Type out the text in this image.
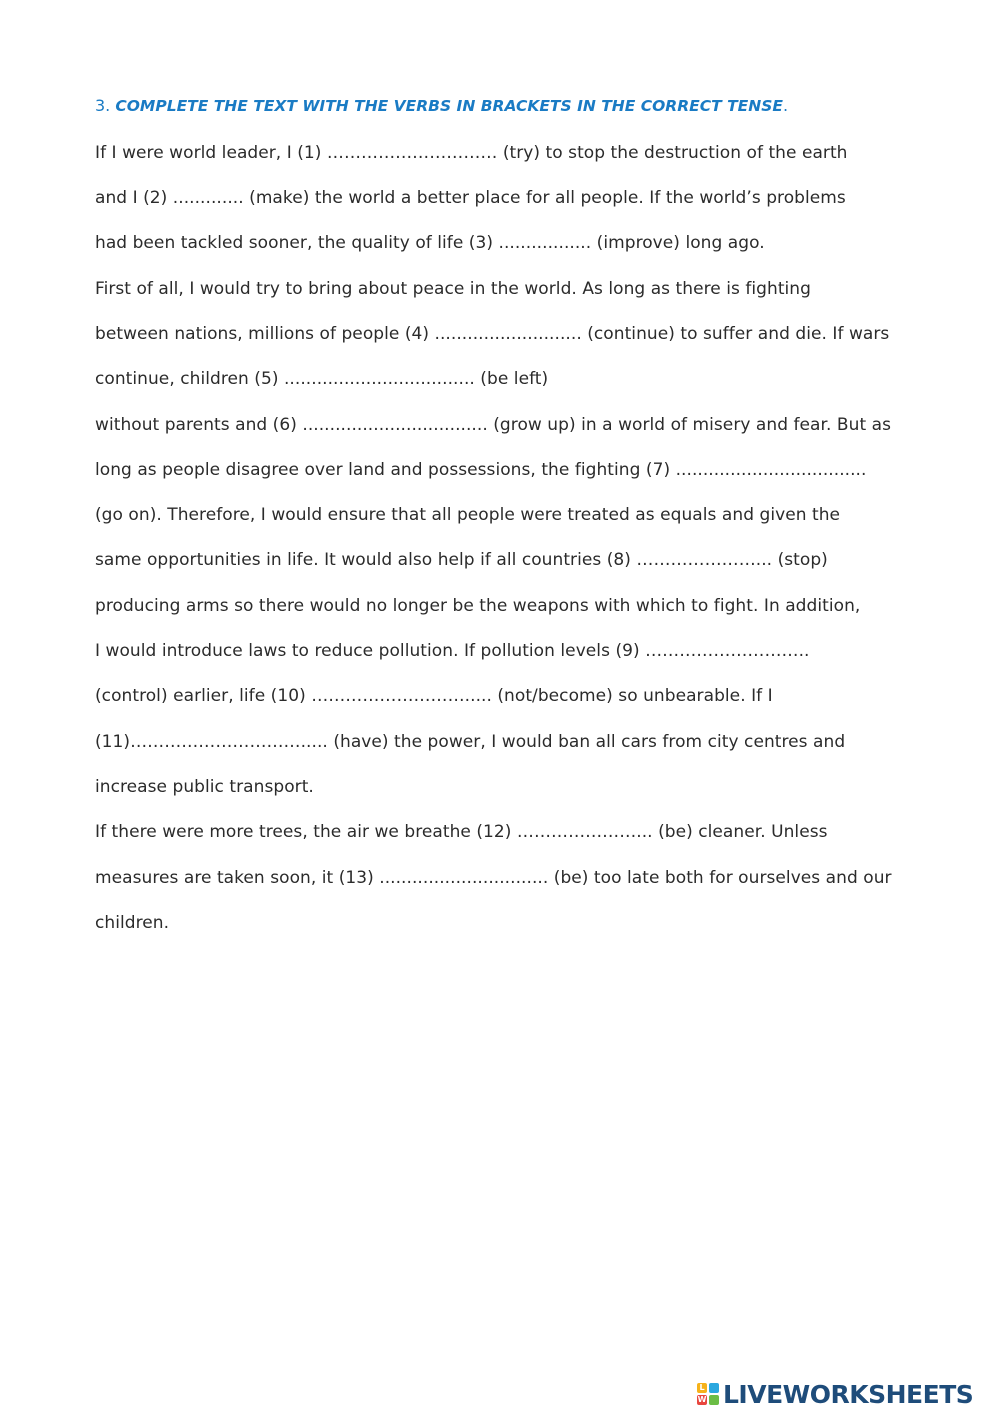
3. COMPLETE THE TEXT WITH THE VERBS IN BRACKETS IN THE CORRECT TENSE.
If I were world leader, I (1) ………………………… (try) to stop the destruction of the earth
and I (2) ............. (make) the world a better place for all people. If the world’s problems
had been tackled sooner, the quality of life (3) ................. (improve) long ago.
First of all, I would try to bring about peace in the world. As long as there is fighting
between nations, millions of people (4) ........................... (continue) to suffer and die. If wars
continue, children (5) ................................... (be left)
without parents and (6) .................................. (grow up) in a world of misery and fear. But as
long as people disagree over land and possessions, the fighting (7) ...................................
(go on). Therefore, I would ensure that all people were treated as equals and given the
same opportunities in life. It would also help if all countries (8) …………………... (stop)
producing arms so there would no longer be the weapons with which to fight. In addition,
I would introduce laws to reduce pollution. If pollution levels (9) ………………………..
(control) earlier, life (10) ………………………..... (not/become) so unbearable. If I
(11)…………………………..... (have) the power, I would ban all cars from city centres and
increase public transport.
If there were more trees, the air we breathe (12) …………………... (be) cleaner. Unless
measures are taken soon, it (13) ............................... (be) too late both for ourselves and our
children.
L
W LIVEWORKSHEETS
